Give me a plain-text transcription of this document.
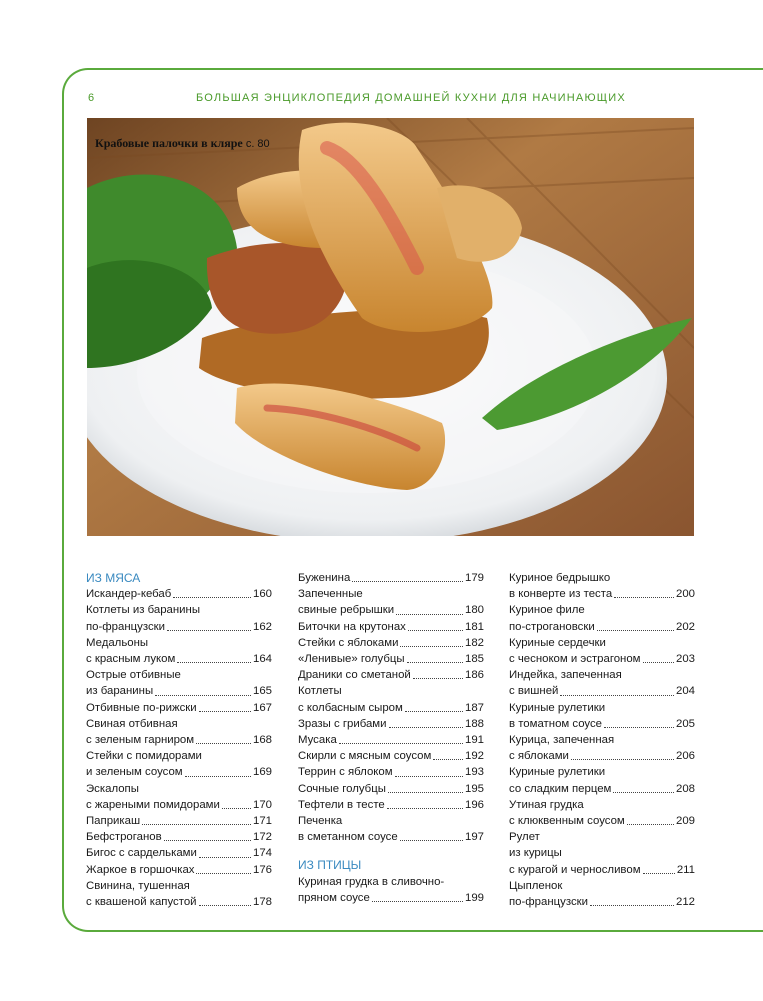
6	БОЛЬШАЯ ЭНЦИКЛОПЕДИЯ ДОМАШНЕЙ КУХНИ ДЛЯ НАЧИНАЮЩИХ
Крабовые палочки в кляре с. 80
ИЗ МЯСА
Искандер-кебаб	160
Котлеты из баранины
по-французски	162
Медальоны
с красным луком	164
Острые отбивные
из баранины	165
Отбивные по-рижски	167
Свиная отбивная
с зеленым гарниром	168
Стейки с помидорами
и зеленым соусом	169
Эскалопы
с жареными помидорами	170
Паприкаш	171
Бефстроганов	172
Бигос с сардельками	174
Жаркое в горшочках	176
Свинина, тушенная
с квашеной капустой	178
Буженина	179
Запеченные
свиные ребрышки	180
Биточки на крутонах	181
Стейки с яблоками	182
«Ленивые» голубцы	185
Драники со сметаной	186
Котлеты
с колбасным сыром	187
Зразы с грибами	188
Мусака	191
Скирли с мясным соусом	192
Террин с яблоком	193
Сочные голубцы	195
Тефтели в тесте	196
Печенка
в сметанном соусе	197
ИЗ ПТИЦЫ
Куриная грудка в сливочно-
пряном соусе	199
Куриное бедрышко
в конверте из теста	200
Куриное филе
по-строгановски	202
Куриные сердечки
с чесноком и эстрагоном	203
Индейка, запеченная
с вишней	204
Куриные рулетики
в томатном соусе	205
Курица, запеченная
с яблоками	206
Куриные рулетики
со сладким перцем	208
Утиная грудка
с клюквенным соусом	209
Рулет
из курицы
с курагой и черносливом	211
Цыпленок
по-французски	212
